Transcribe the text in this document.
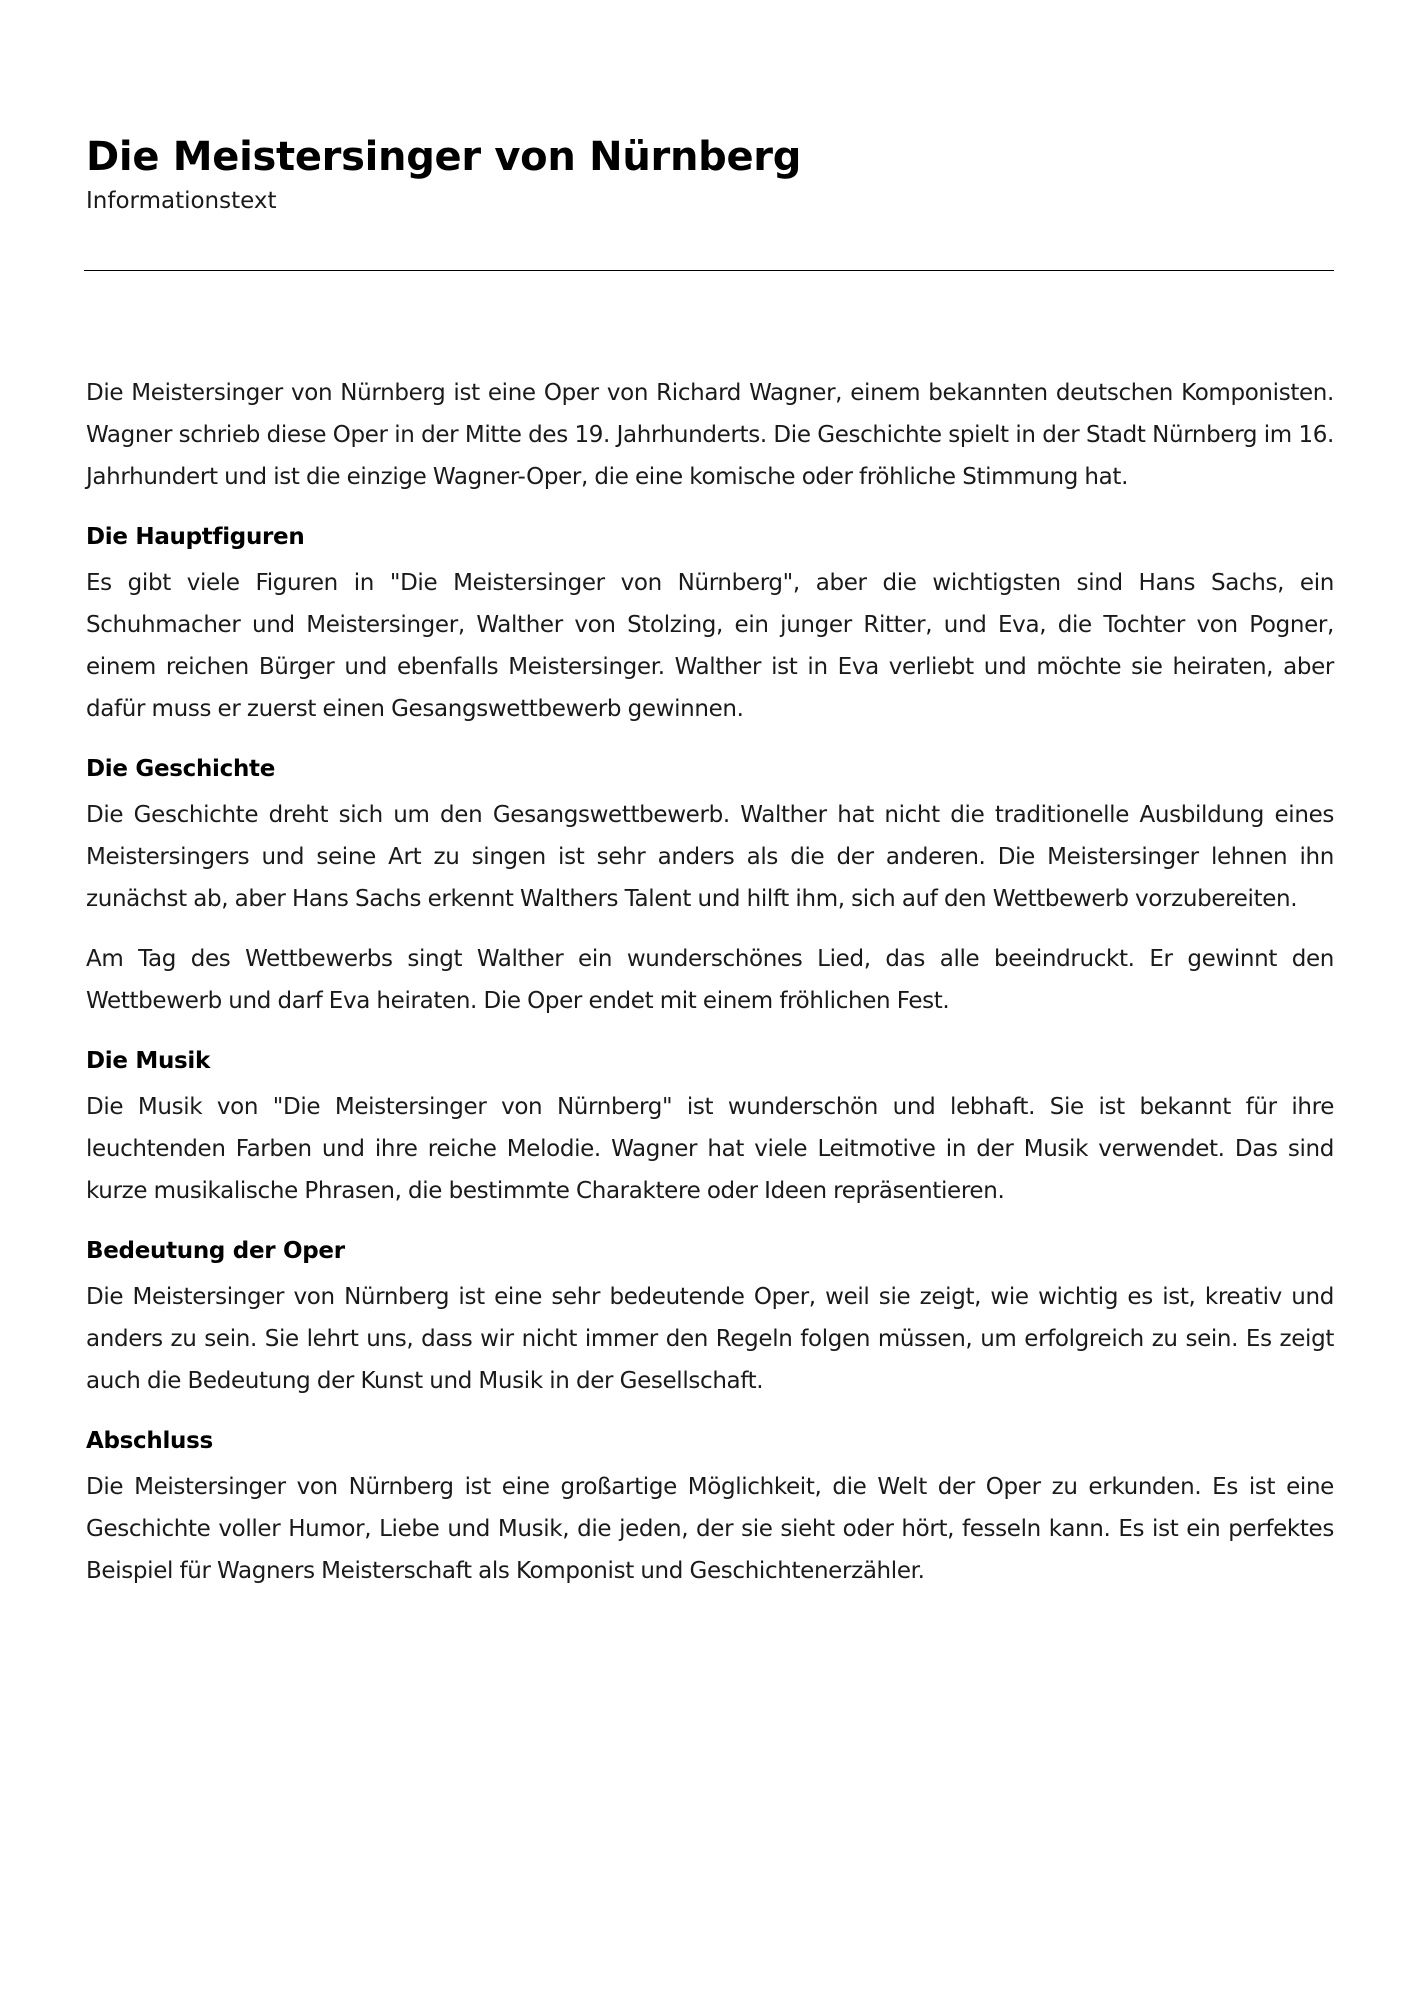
Die Meistersinger von Nürnberg
Informationstext

Die Meistersinger von Nürnberg ist eine Oper von Richard Wagner, einem bekannten deutschen Komponisten. Wagner schrieb diese Oper in der Mitte des 19. Jahrhunderts. Die Geschichte spielt in der Stadt Nürnberg im 16. Jahrhundert und ist die einzige Wagner-Oper, die eine komische oder fröhliche Stimmung hat.

Die Hauptfiguren

Es gibt viele Figuren in "Die Meistersinger von Nürnberg", aber die wichtigsten sind Hans Sachs, ein Schuhmacher und Meistersinger, Walther von Stolzing, ein junger Ritter, und Eva, die Tochter von Pogner, einem reichen Bürger und ebenfalls Meistersinger. Walther ist in Eva verliebt und möchte sie heiraten, aber dafür muss er zuerst einen Gesangswettbewerb gewinnen.

Die Geschichte

Die Geschichte dreht sich um den Gesangswettbewerb. Walther hat nicht die traditionelle Ausbildung eines Meistersingers und seine Art zu singen ist sehr anders als die der anderen. Die Meistersinger lehnen ihn zunächst ab, aber Hans Sachs erkennt Walthers Talent und hilft ihm, sich auf den Wettbewerb vorzubereiten.

Am Tag des Wettbewerbs singt Walther ein wunderschönes Lied, das alle beeindruckt. Er gewinnt den Wettbewerb und darf Eva heiraten. Die Oper endet mit einem fröhlichen Fest.

Die Musik

Die Musik von "Die Meistersinger von Nürnberg" ist wunderschön und lebhaft. Sie ist bekannt für ihre leuchtenden Farben und ihre reiche Melodie. Wagner hat viele Leitmotive in der Musik verwendet. Das sind kurze musikalische Phrasen, die bestimmte Charaktere oder Ideen repräsentieren.

Bedeutung der Oper

Die Meistersinger von Nürnberg ist eine sehr bedeutende Oper, weil sie zeigt, wie wichtig es ist, kreativ und anders zu sein. Sie lehrt uns, dass wir nicht immer den Regeln folgen müssen, um erfolgreich zu sein. Es zeigt auch die Bedeutung der Kunst und Musik in der Gesellschaft.

Abschluss

Die Meistersinger von Nürnberg ist eine großartige Möglichkeit, die Welt der Oper zu erkunden. Es ist eine Geschichte voller Humor, Liebe und Musik, die jeden, der sie sieht oder hört, fesseln kann. Es ist ein perfektes Beispiel für Wagners Meisterschaft als Komponist und Geschichtenerzähler.
